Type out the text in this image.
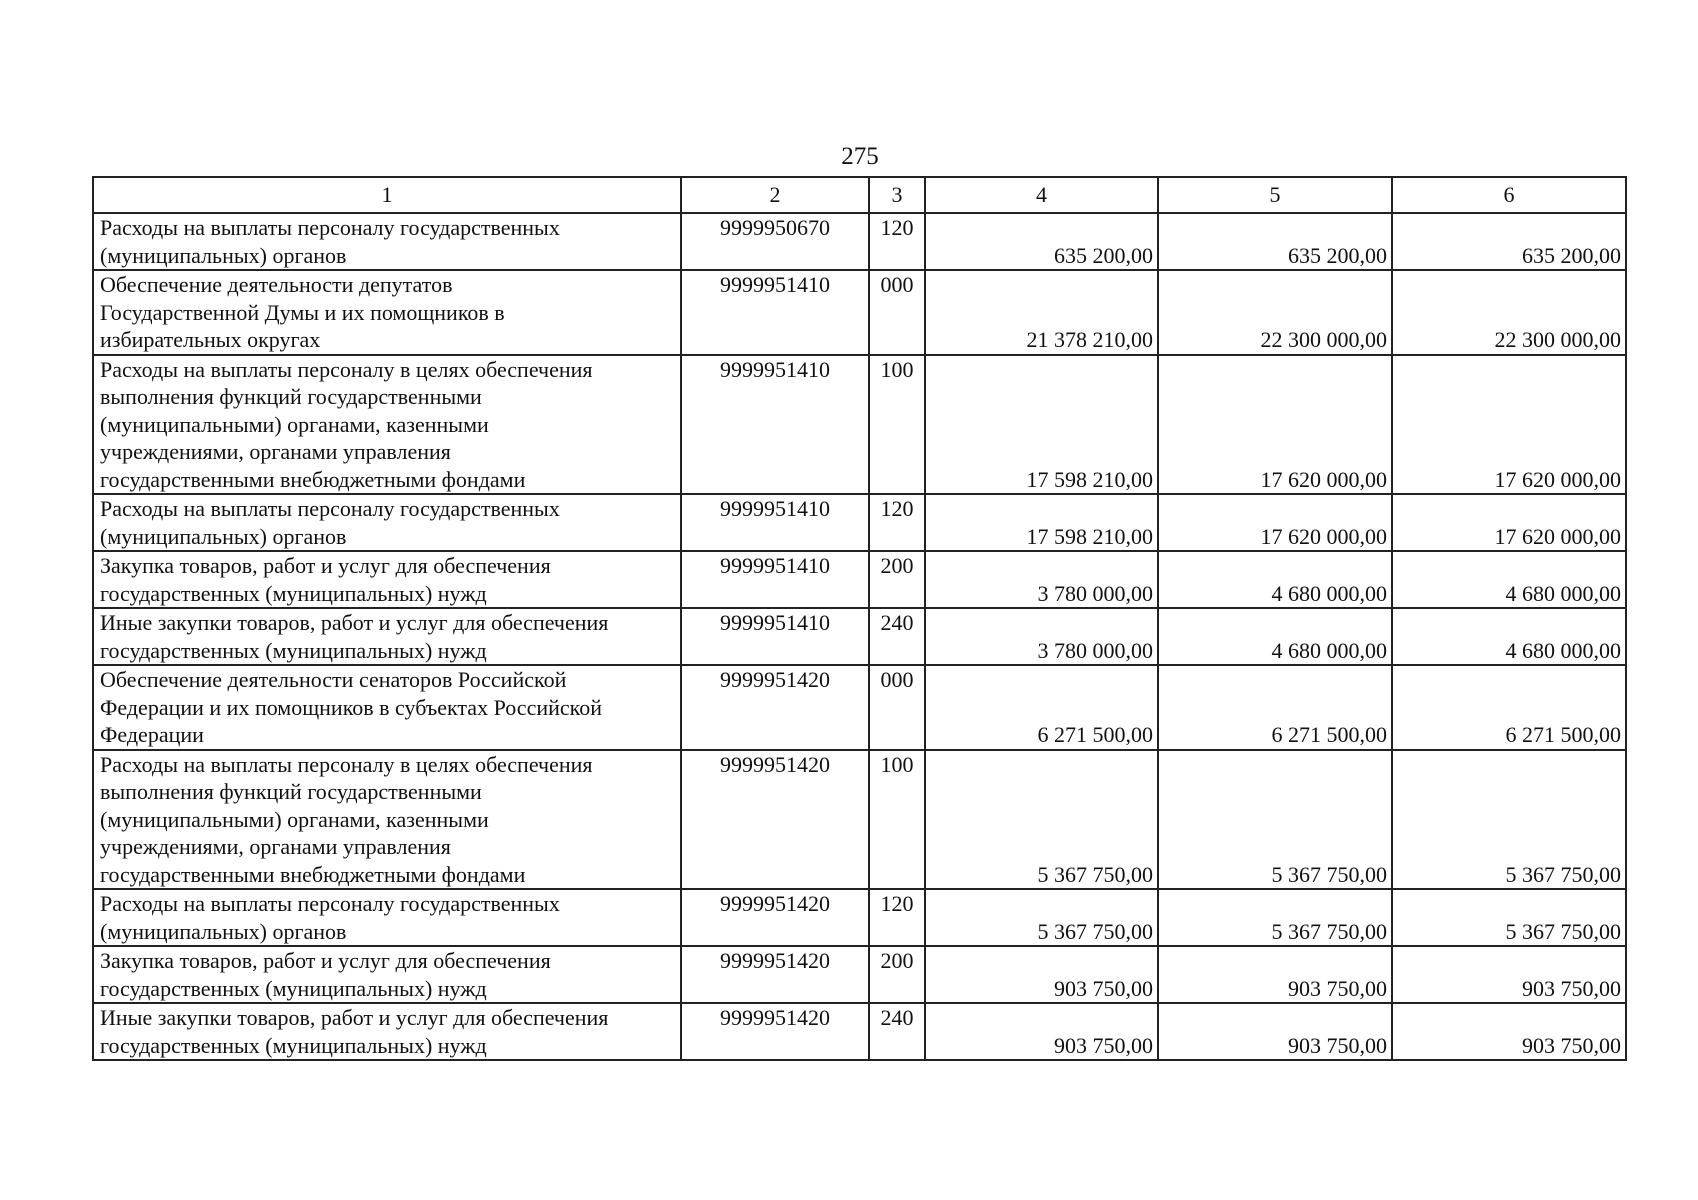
275
1	2	3	4	5	6

Расходы на выплаты персоналу государственных
(муниципальных) органов	9999950670	120	635 200,00	635 200,00	635 200,00

Обеспечение деятельности депутатов
Государственной Думы и их помощников в
избирательных округах	9999951410	000	21 378 210,00	22 300 000,00	22 300 000,00

Расходы на выплаты персоналу в целях обеспечения
выполнения функций государственными
(муниципальными) органами, казенными
учреждениями, органами управления
государственными внебюджетными фондами	9999951410	100	17 598 210,00	17 620 000,00	17 620 000,00

Расходы на выплаты персоналу государственных
(муниципальных) органов	9999951410	120	17 598 210,00	17 620 000,00	17 620 000,00

Закупка товаров, работ и услуг для обеспечения
государственных (муниципальных) нужд	9999951410	200	3 780 000,00	4 680 000,00	4 680 000,00

Иные закупки товаров, работ и услуг для обеспечения
государственных (муниципальных) нужд	9999951410	240	3 780 000,00	4 680 000,00	4 680 000,00

Обеспечение деятельности сенаторов Российской
Федерации и их помощников в субъектах Российской
Федерации	9999951420	000	6 271 500,00	6 271 500,00	6 271 500,00

Расходы на выплаты персоналу в целях обеспечения
выполнения функций государственными
(муниципальными) органами, казенными
учреждениями, органами управления
государственными внебюджетными фондами	9999951420	100	5 367 750,00	5 367 750,00	5 367 750,00

Расходы на выплаты персоналу государственных
(муниципальных) органов	9999951420	120	5 367 750,00	5 367 750,00	5 367 750,00

Закупка товаров, работ и услуг для обеспечения
государственных (муниципальных) нужд	9999951420	200	903 750,00	903 750,00	903 750,00

Иные закупки товаров, работ и услуг для обеспечения
государственных (муниципальных) нужд	9999951420	240	903 750,00	903 750,00	903 750,00
